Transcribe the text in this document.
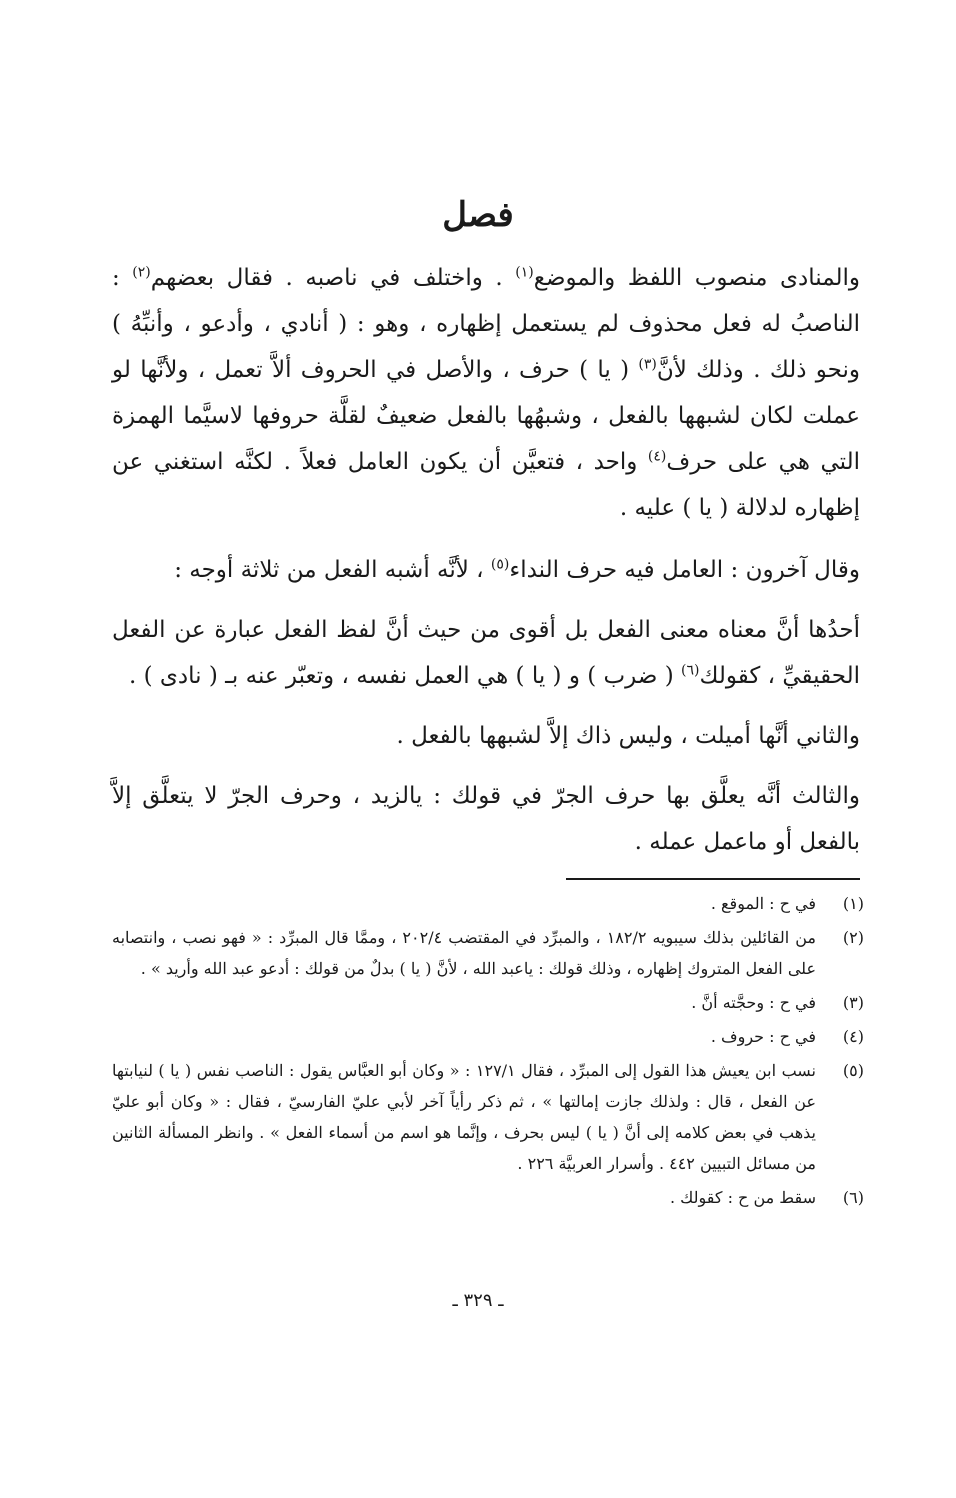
فصل

والمنادى منصوب اللفظ والموضع$^{(١)}$ . واختلف في ناصبه . فقال بعضهم$^{(٢)}$ : الناصبُ له فعل محذوف لم يستعمل إظهاره ، وهو : ( أنادي ، وأدعو ، وأنبِّهُ ) ونحو ذلك . وذلك لأنَّ$^{(٣)}$ ( يا ) حرف ، والأصل في الحروف ألاَّ تعمل ، ولأنَّها لو عملت لكان لشبهها بالفعل ، وشبهُها بالفعل ضعيفٌ لقلَّة حروفها لاسيَّما الهمزة التي هي على حرف$^{(٤)}$ واحد ، فتعيَّن أن يكون العامل فعلاً . لكنَّه استغني عن إظهاره لدلالة ( يا ) عليه .

وقال آخرون : العامل فيه حرف النداء$^{(٥)}$ ، لأنَّه أشبه الفعل من ثلاثة أوجه :

أحدُها أنَّ معناه معنى الفعل بل أقوى من حيث أنَّ لفظ الفعل عبارة عن الفعل الحقيقيِّ ، كقولك$^{(٦)}$ ( ضرب ) و ( يا ) هي العمل نفسه ، وتعبّر عنه بـ ( نادى ) .

والثاني أنَّها أميلت ، وليس ذاك إلاَّ لشبهها بالفعل .

والثالث أنَّه يعلَّق بها حرف الجرّ في قولك : يالزيد ، وحرف الجرّ لا يتعلَّق إلاَّ بالفعل أو ماعمل عمله .

(١)
في ح : الموقع .
(٢)
من القائلين بذلك سيبويه ١٨٢/٢ ، والمبرِّد في المقتضب ٢٠٢/٤ ، وممَّا قال المبرِّد : « فهو نصب ، وانتصابه على الفعل المتروك إظهاره ، وذلك قولك : ياعبد الله ، لأنَّ ( يا ) بدلٌ من قولك : أدعو عبد الله وأريد » .
(٣)
في ح : وحجَّته أنَّ .
(٤)
في ح : حروف .
(٥)
نسب ابن يعيش هذا القول إلى المبرِّد ، فقال ١٢٧/١ : « وكان أبو العبَّاس يقول : الناصب نفس ( يا ) لنيابتها عن الفعل ، قال : ولذلك جازت إمالتها » ، ثم ذكر رأياً آخر لأبي عليّ الفارسيّ ، فقال : « وكان أبو عليّ يذهب في بعض كلامه إلى أنَّ ( يا ) ليس بحرف ، وإنَّما هو اسم من أسماء الفعل » . وانظر المسألة الثانين من مسائل التبيين ٤٤٢ . وأسرار العربيَّة ٢٢٦ .
(٦)
سقط من ح : كقولك .
ـ ٣٢٩ ـ
